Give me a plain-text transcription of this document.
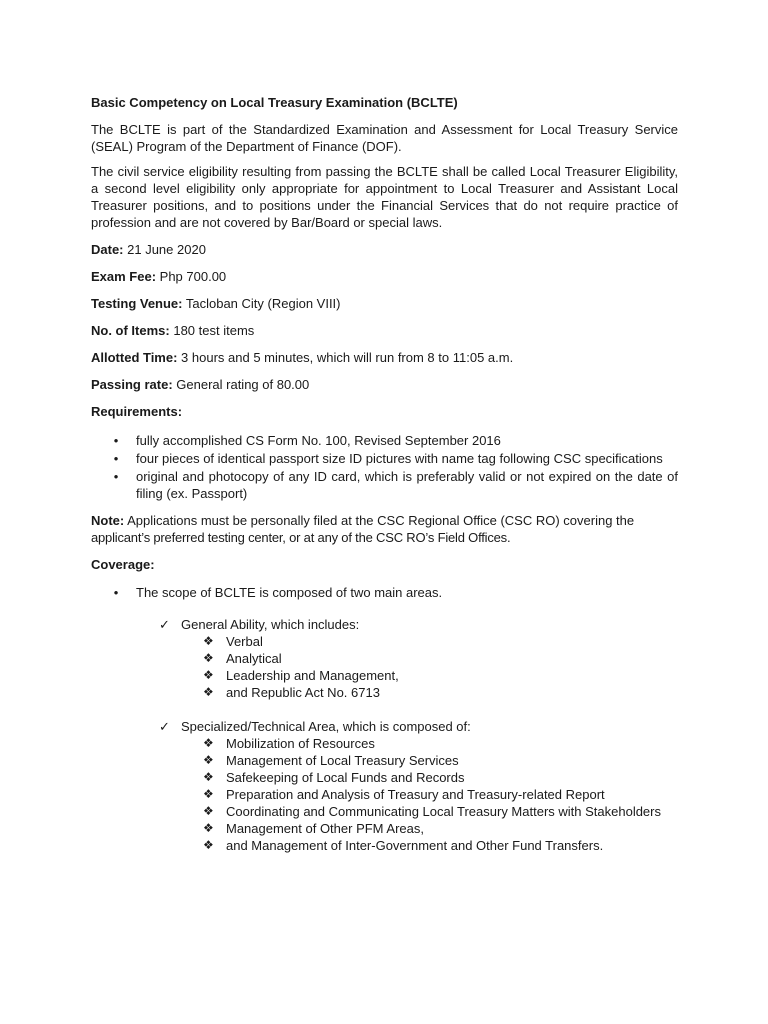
Basic Competency on Local Treasury Examination (BCLTE)

The BCLTE is part of the Standardized Examination and Assessment for Local Treasury Service (SEAL) Program of the Department of Finance (DOF).

The civil service eligibility resulting from passing the BCLTE shall be called Local Treasurer Eligibility, a second level eligibility only appropriate for appointment to Local Treasurer and Assistant Local Treasurer positions, and to positions under the Financial Services that do not require practice of profession and are not covered by Bar/Board or special laws.

Date: 21 June 2020

Exam Fee: Php 700.00

Testing Venue: Tacloban City (Region VIII)

No. of Items: 180 test items

Allotted Time: 3 hours and 5 minutes, which will run from 8 to 11:05 a.m.

Passing rate: General rating of 80.00

Requirements:

• fully accomplished CS Form No. 100, Revised September 2016
• four pieces of identical passport size ID pictures with name tag following CSC specifications
• original and photocopy of any ID card, which is preferably valid or not expired on the date of filing (ex. Passport)

Note: Applications must be personally filed at the CSC Regional Office (CSC RO) covering the

applicant’s preferred testing center, or at any of the CSC RO’s Field Offices.

Coverage:

• The scope of BCLTE is composed of two main areas.
✓ General Ability, which includes:
❖ Verbal
❖ Analytical
❖ Leadership and Management,
❖ and Republic Act No. 6713
✓ Specialized/Technical Area, which is composed of:
❖ Mobilization of Resources
❖ Management of Local Treasury Services
❖ Safekeeping of Local Funds and Records
❖ Preparation and Analysis of Treasury and Treasury-related Report
❖ Coordinating and Communicating Local Treasury Matters with Stakeholders
❖ Management of Other PFM Areas,
❖ and Management of Inter-Government and Other Fund Transfers.
